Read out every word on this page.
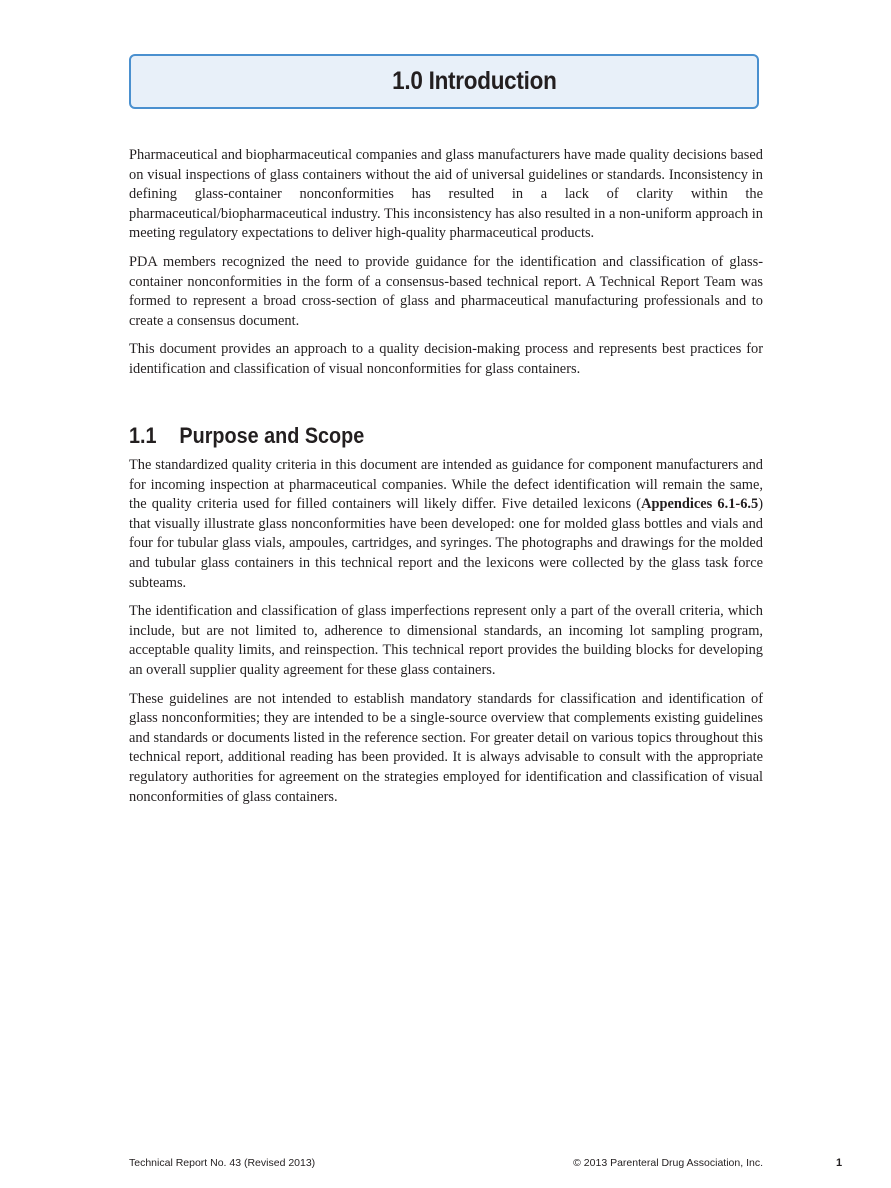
1.0 Introduction

Pharmaceutical and biopharmaceutical companies and glass manufacturers have made quality decisions based on visual inspections of glass containers without the aid of universal guidelines or standards. Inconsistency in defining glass-container nonconformities has resulted in a lack of clarity within the pharmaceutical/biopharmaceutical industry. This inconsistency has also resulted in a non-uniform approach in meeting regulatory expectations to deliver high-quality pharmaceutical products.

PDA members recognized the need to provide guidance for the identification and classification of glass-container nonconformities in the form of a consensus-based technical report. A Technical Report Team was formed to represent a broad cross-section of glass and pharmaceutical manufacturing professionals and to create a consensus document.

This document provides an approach to a quality decision-making process and represents best practices for identification and classification of visual nonconformities for glass containers.

1.1 Purpose and Scope

The standardized quality criteria in this document are intended as guidance for component manufacturers and for incoming inspection at pharmaceutical companies. While the defect identification will remain the same, the quality criteria used for filled containers will likely differ. Five detailed lexicons (Appendices 6.1-6.5) that visually illustrate glass nonconformities have been developed: one for molded glass bottles and vials and four for tubular glass vials, ampoules, cartridges, and syringes. The photographs and drawings for the molded and tubular glass containers in this technical report and the lexicons were collected by the glass task force subteams.

The identification and classification of glass imperfections represent only a part of the overall criteria, which include, but are not limited to, adherence to dimensional standards, an incoming lot sampling program, acceptable quality limits, and reinspection. This technical report provides the building blocks for developing an overall supplier quality agreement for these glass containers.

These guidelines are not intended to establish mandatory standards for classification and identification of glass nonconformities; they are intended to be a single-source overview that complements existing guidelines and standards or documents listed in the reference section. For greater detail on various topics throughout this technical report, additional reading has been provided. It is always advisable to consult with the appropriate regulatory authorities for agreement on the strategies employed for identification and classification of visual nonconformities of glass containers.

Technical Report No. 43 (Revised 2013)	© 2013 Parenteral Drug Association, Inc.	1
